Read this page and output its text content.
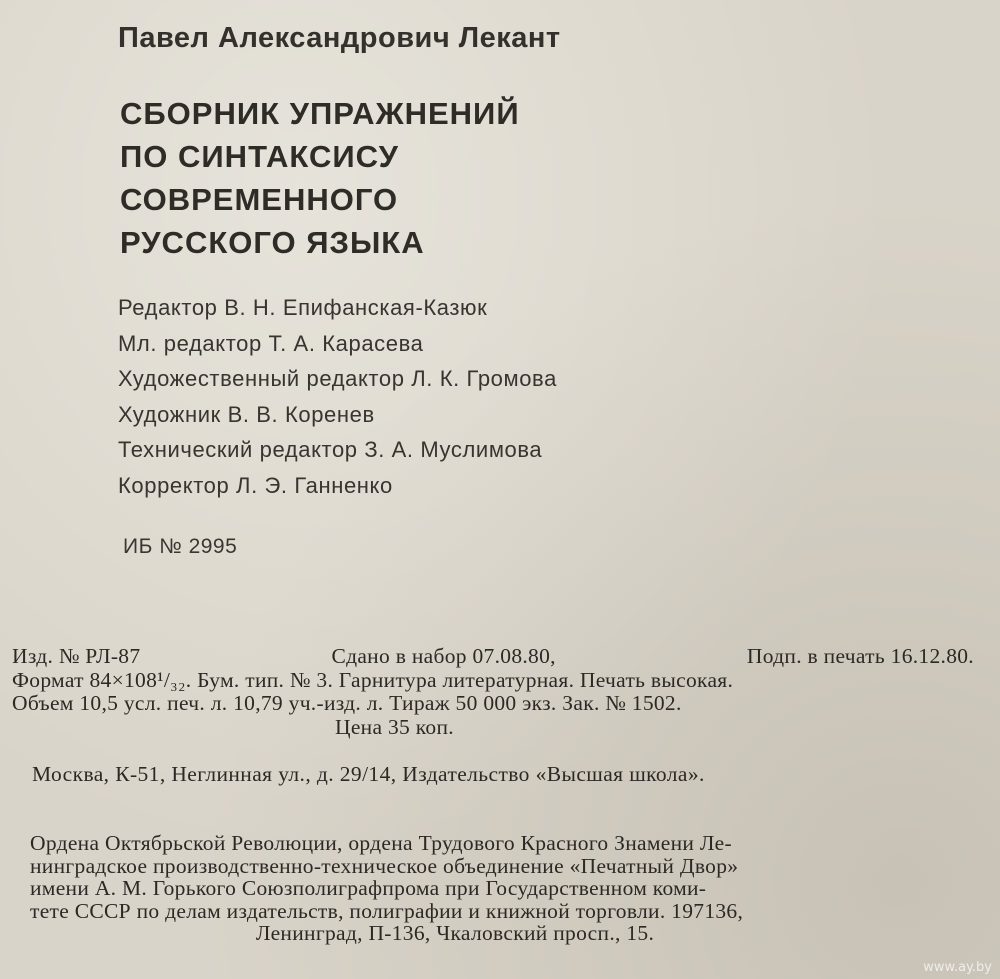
Павел Александрович Лекант
СБОРНИК УПРАЖНЕНИЙ
ПО СИНТАКСИСУ
СОВРЕМЕННОГО
РУССКОГО ЯЗЫКА
Редактор В. Н. Епифанская-Казюк
Мл. редактор Т. А. Карасева
Художественный редактор Л. К. Громова
Художник В. В. Коренев
Технический редактор З. А. Муслимова
Корректор Л. Э. Ганненко
ИБ № 2995
Изд. № РЛ-87	Сдано в набор 07.08.80,	Подп. в печать 16.12.80.
Формат 84×108¹/₃₂. Бум. тип. № 3. Гарнитура литературная. Печать высокая.
Объем 10,5 усл. печ. л. 10,79 уч.-изд. л. Тираж 50 000 экз. Зак. № 1502.
Цена 35 коп.
Москва, К-51, Неглинная ул., д. 29/14, Издательство «Высшая школа».
Ордена Октябрьской Революции, ордена Трудового Красного Знамени Ле-
нинградское производственно-техническое объединение «Печатный Двор»
имени А. М. Горького Союзполиграфпрома при Государственном коми-
тете СССР по делам издательств, полиграфии и книжной торговли. 197136,
Ленинград, П-136, Чкаловский просп., 15.
www.ay.by
